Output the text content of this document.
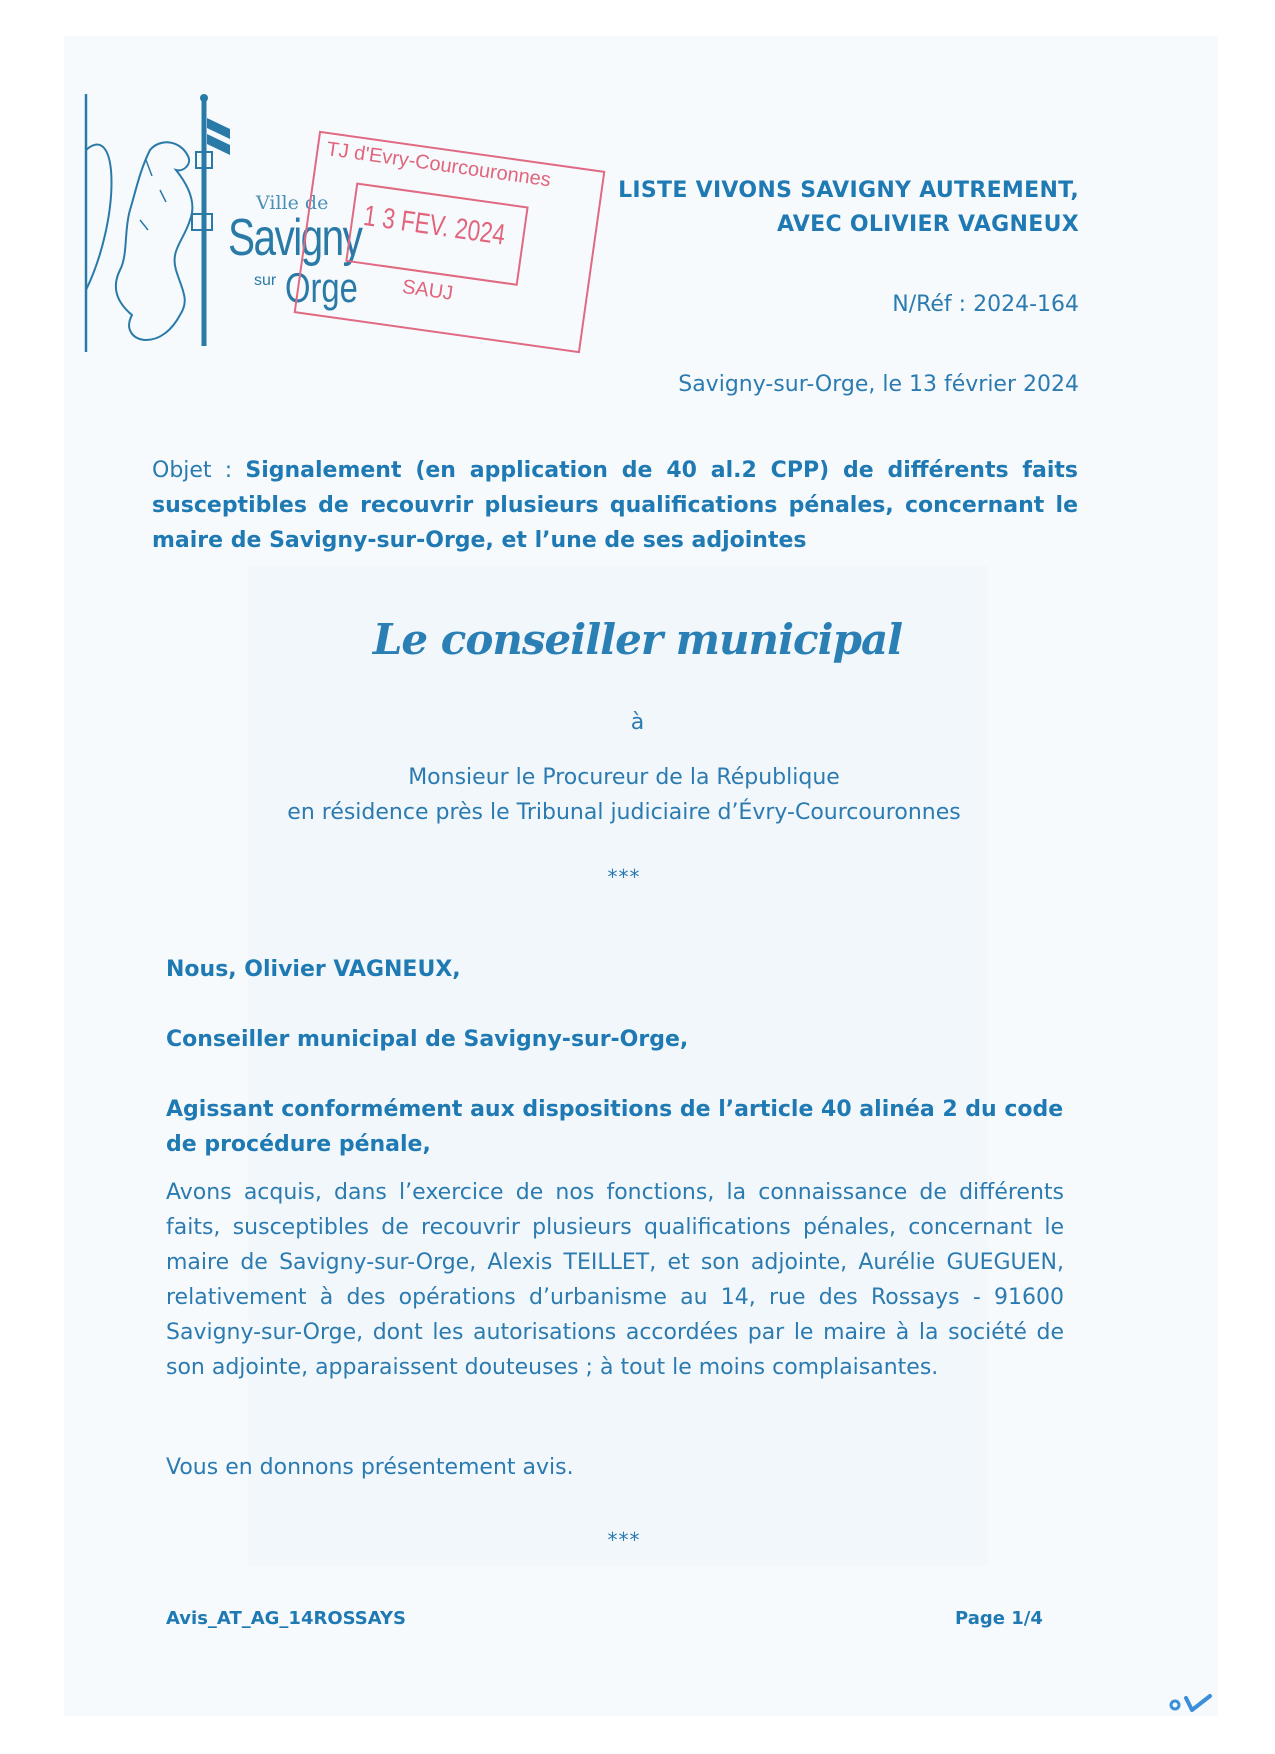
Ville de
Savigny
sur Orge
TJ d'Evry-Courcouronnes
1 3 FEV. 2024
SAUJ
LISTE VIVONS SAVIGNY AUTREMENT,
AVEC OLIVIER VAGNEUX
N/Réf : 2024-164
Savigny-sur-Orge, le 13 février 2024
Objet : Signalement (en application de 40 al.2 CPP) de différents faits susceptibles de recouvrir plusieurs qualifications pénales, concernant le maire de Savigny-sur-Orge, et l’une de ses adjointes
Le conseiller municipal
à
Monsieur le Procureur de la République
en résidence près le Tribunal judiciaire d’Évry-Courcouronnes
***
Nous, Olivier VAGNEUX,
Conseiller municipal de Savigny-sur-Orge,
Agissant conformément aux dispositions de l’article 40 alinéa 2 du code de procédure pénale,
Avons acquis, dans l’exercice de nos fonctions, la connaissance de différents faits, susceptibles de recouvrir plusieurs qualifications pénales, concernant le maire de Savigny-sur-Orge, Alexis TEILLET, et son adjointe, Aurélie GUEGUEN, relativement à des opérations d’urbanisme au 14, rue des Rossays - 91600 Savigny-sur-Orge, dont les autorisations accordées par le maire à la société de son adjointe, apparaissent douteuses ; à tout le moins complaisantes.
Vous en donnons présentement avis.
***
Avis_AT_AG_14ROSSAYS	Page 1/4
